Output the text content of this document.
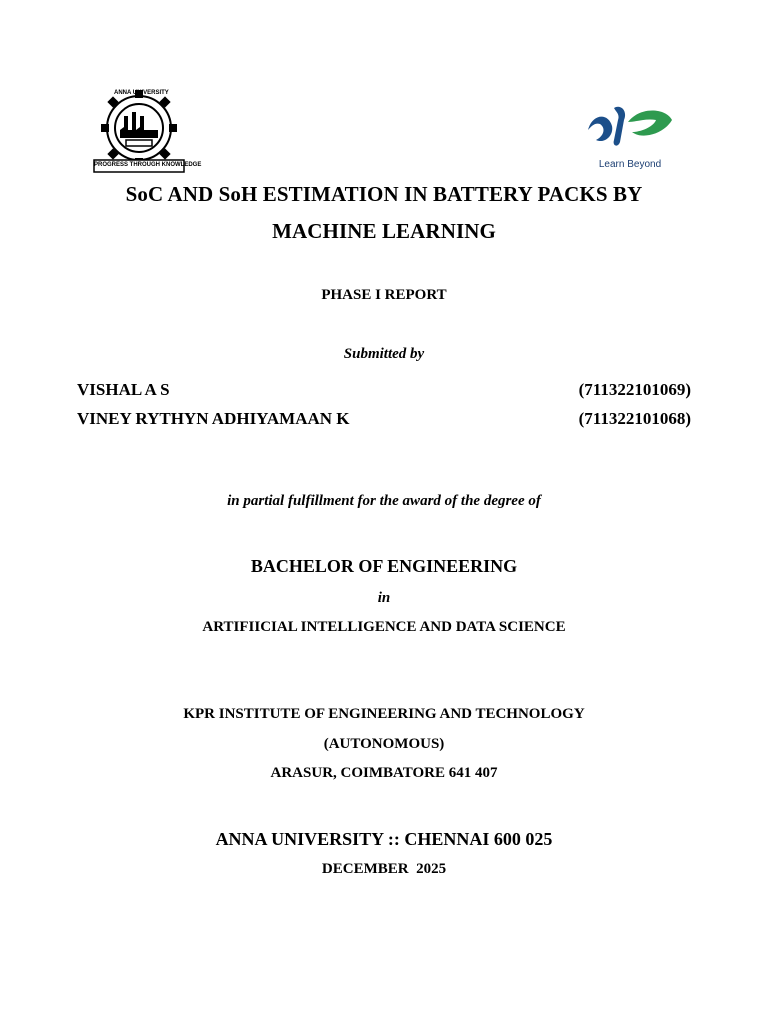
ANNA UNIVERSITY
PROGRESS THROUGH KNOWLEDGE	Learn Beyond
SoC AND SoH ESTIMATION IN BATTERY PACKS BY
MACHINE LEARNING
PHASE I REPORT
Submitted by
VISHAL A S	(711322101069)
VINEY RYTHYN ADHIYAMAAN K	(711322101068)
in partial fulfillment for the award of the degree of
BACHELOR OF ENGINEERING
in
ARTIFIICIAL INTELLIGENCE AND DATA SCIENCE
KPR INSTITUTE OF ENGINEERING AND TECHNOLOGY
(AUTONOMOUS)
ARASUR, COIMBATORE 641 407
ANNA UNIVERSITY :: CHENNAI 600 025
DECEMBER  2025
